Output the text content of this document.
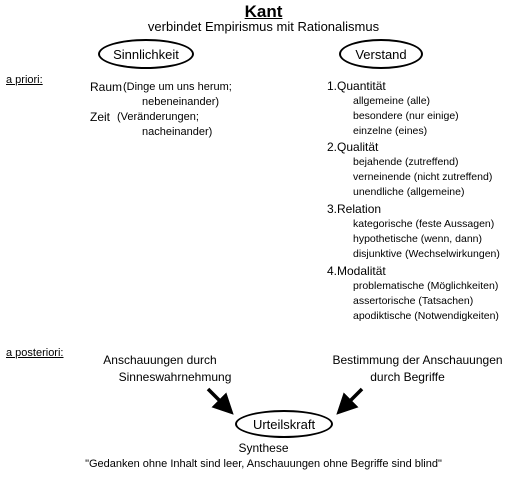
Kant
verbindet Empirismus mit Rationalismus
Sinnlichkeit	Verstand
a priori:	Raum (Dinge um uns herum;
nebeneinander)
Zeit (Veränderungen;
nacheinander)
1.Quantität
allgemeine (alle)
besondere (nur einige)
einzelne (eines)
2.Qualität
bejahende (zutreffend)
verneinende (nicht zutreffend)
unendliche (allgemeine)
3.Relation
kategorische (feste Aussagen)
hypothetische (wenn, dann)
disjunktive (Wechselwirkungen)
4.Modalität
problematische (Möglichkeiten)
assertorische (Tatsachen)
apodiktische (Notwendigkeiten)
a posteriori:	Anschauungen durch
Sinneswahrnehmung
Bestimmung der Anschauungen
durch Begriffe
Urteilskraft
Synthese
"Gedanken ohne Inhalt sind leer, Anschauungen ohne Begriffe sind blind"
